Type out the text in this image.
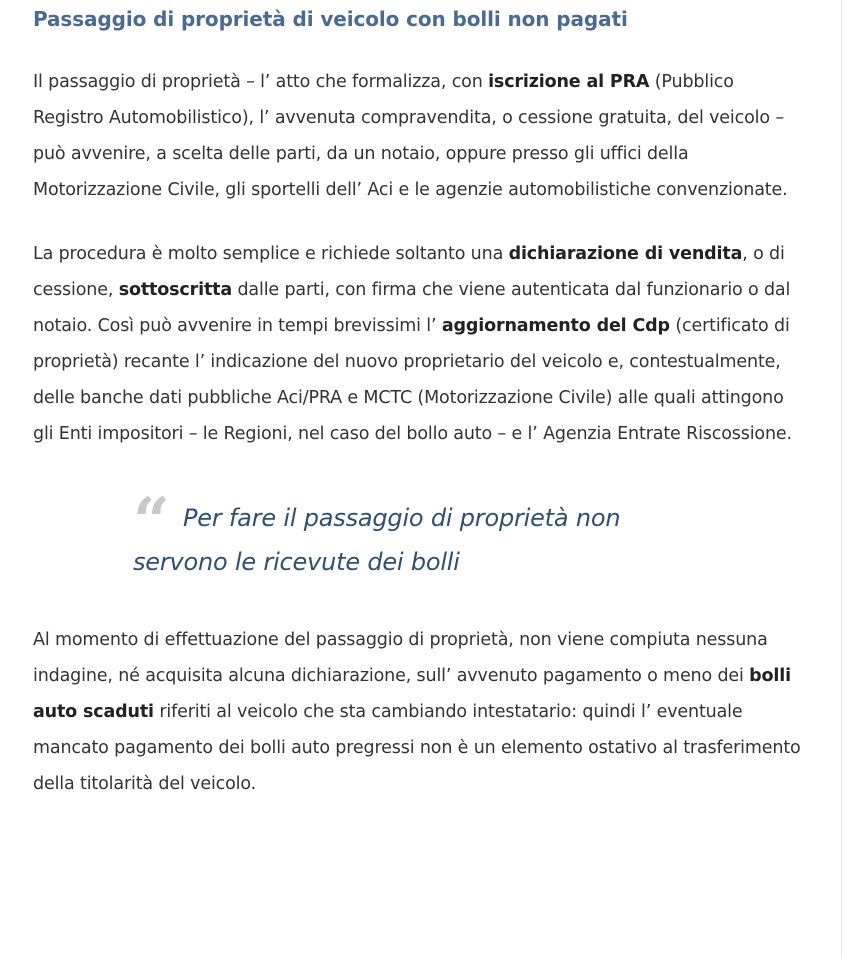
Passaggio di proprietà di veicolo con bolli non pagati

Il passaggio di proprietà – l’ atto che formalizza, con iscrizione al PRA (Pubblico Registro Automobilistico), l’ avvenuta compravendita, o cessione gratuita, del veicolo – può avvenire, a scelta delle parti, da un notaio, oppure presso gli uffici della Motorizzazione Civile, gli sportelli dell’ Aci e le agenzie automobilistiche convenzionate.

La procedura è molto semplice e richiede soltanto una dichiarazione di vendita, o di cessione, sottoscritta dalle parti, con firma che viene autenticata dal funzionario o dal notaio. Così può avvenire in tempi brevissimi l’ aggiornamento del Cdp (certificato di proprietà) recante l’ indicazione del nuovo proprietario del veicolo e, contestualmente, delle banche dati pubbliche Aci/PRA e MCTC (Motorizzazione Civile) alle quali attingono gli Enti impositori – le Regioni, nel caso del bollo auto – e l’ Agenzia Entrate Riscossione.

“ Per fare il passaggio di proprietà non servono le ricevute dei bolli

Al momento di effettuazione del passaggio di proprietà, non viene compiuta nessuna indagine, né acquisita alcuna dichiarazione, sull’ avvenuto pagamento o meno dei bolli auto scaduti riferiti al veicolo che sta cambiando intestatario: quindi l’ eventuale mancato pagamento dei bolli auto pregressi non è un elemento ostativo al trasferimento della titolarità del veicolo.
